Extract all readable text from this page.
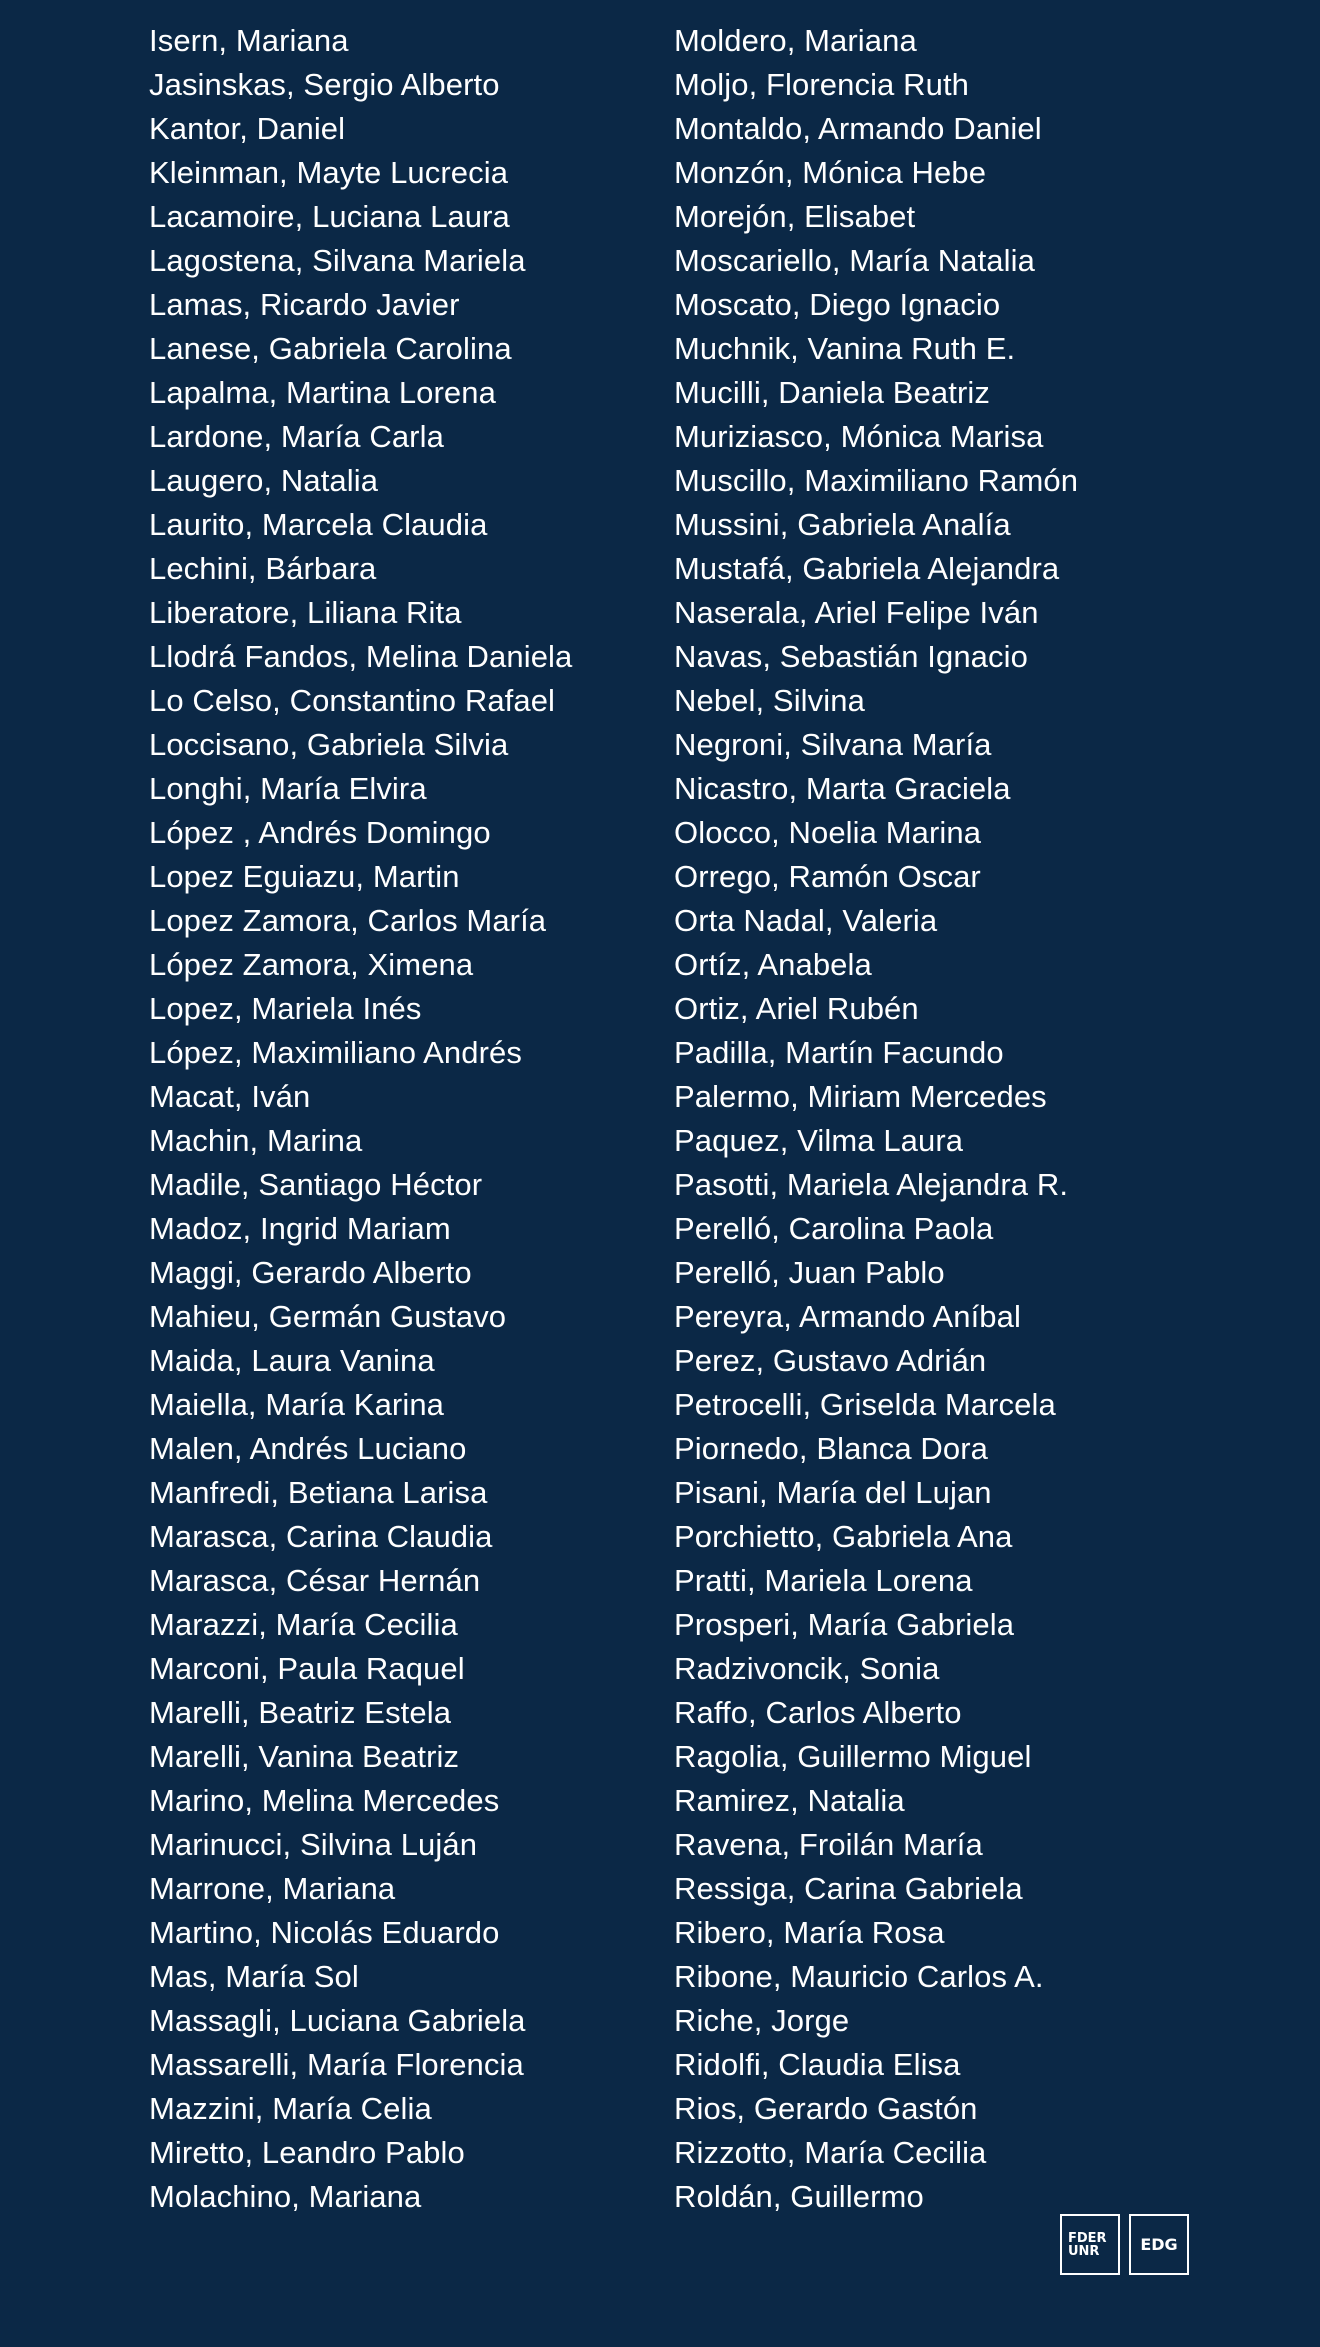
Isern, Mariana
Jasinskas, Sergio Alberto
Kantor, Daniel
Kleinman, Mayte Lucrecia
Lacamoire, Luciana Laura
Lagostena, Silvana Mariela
Lamas, Ricardo Javier
Lanese, Gabriela Carolina
Lapalma, Martina Lorena
Lardone, María Carla
Laugero, Natalia
Laurito, Marcela Claudia
Lechini, Bárbara
Liberatore, Liliana Rita
Llodrá Fandos, Melina Daniela
Lo Celso, Constantino Rafael
Loccisano, Gabriela Silvia
Longhi, María Elvira
López , Andrés Domingo
Lopez Eguiazu, Martin
Lopez Zamora, Carlos María
López Zamora, Ximena
Lopez, Mariela Inés
López, Maximiliano Andrés
Macat, Iván
Machin, Marina
Madile, Santiago Héctor
Madoz, Ingrid Mariam
Maggi, Gerardo Alberto
Mahieu, Germán Gustavo
Maida, Laura Vanina
Maiella, María Karina
Malen, Andrés Luciano
Manfredi, Betiana Larisa
Marasca, Carina Claudia
Marasca, César Hernán
Marazzi, María Cecilia
Marconi, Paula Raquel
Marelli, Beatriz Estela
Marelli, Vanina Beatriz
Marino, Melina Mercedes
Marinucci, Silvina Luján
Marrone, Mariana
Martino, Nicolás Eduardo
Mas, María Sol
Massagli, Luciana Gabriela
Massarelli, María Florencia
Mazzini, María Celia
Miretto, Leandro Pablo
Molachino, Mariana
Moldero, Mariana
Moljo, Florencia Ruth
Montaldo, Armando Daniel
Monzón, Mónica Hebe
Morejón, Elisabet
Moscariello, María Natalia
Moscato, Diego Ignacio
Muchnik, Vanina Ruth E.
Mucilli, Daniela Beatriz
Muriziasco, Mónica Marisa
Muscillo, Maximiliano Ramón
Mussini, Gabriela Analía
Mustafá, Gabriela Alejandra
Naserala, Ariel Felipe Iván
Navas, Sebastián Ignacio
Nebel, Silvina
Negroni, Silvana María
Nicastro, Marta Graciela
Olocco, Noelia Marina
Orrego, Ramón Oscar
Orta Nadal, Valeria
Ortíz, Anabela
Ortiz, Ariel Rubén
Padilla, Martín Facundo
Palermo, Miriam Mercedes
Paquez, Vilma Laura
Pasotti, Mariela Alejandra R.
Perelló, Carolina Paola
Perelló, Juan Pablo
Pereyra, Armando Aníbal
Perez, Gustavo Adrián
Petrocelli, Griselda Marcela
Piornedo, Blanca Dora
Pisani, María del Lujan
Porchietto, Gabriela Ana
Pratti, Mariela Lorena
Prosperi, María Gabriela
Radzivoncik, Sonia
Raffo, Carlos Alberto
Ragolia, Guillermo Miguel
Ramirez, Natalia
Ravena, Froilán María
Ressiga, Carina Gabriela
Ribero, María Rosa
Ribone, Mauricio Carlos A.
Riche, Jorge
Ridolfi, Claudia Elisa
Rios, Gerardo Gastón
Rizzotto, María Cecilia
Roldán, Guillermo
FDER
UNR	EDG
